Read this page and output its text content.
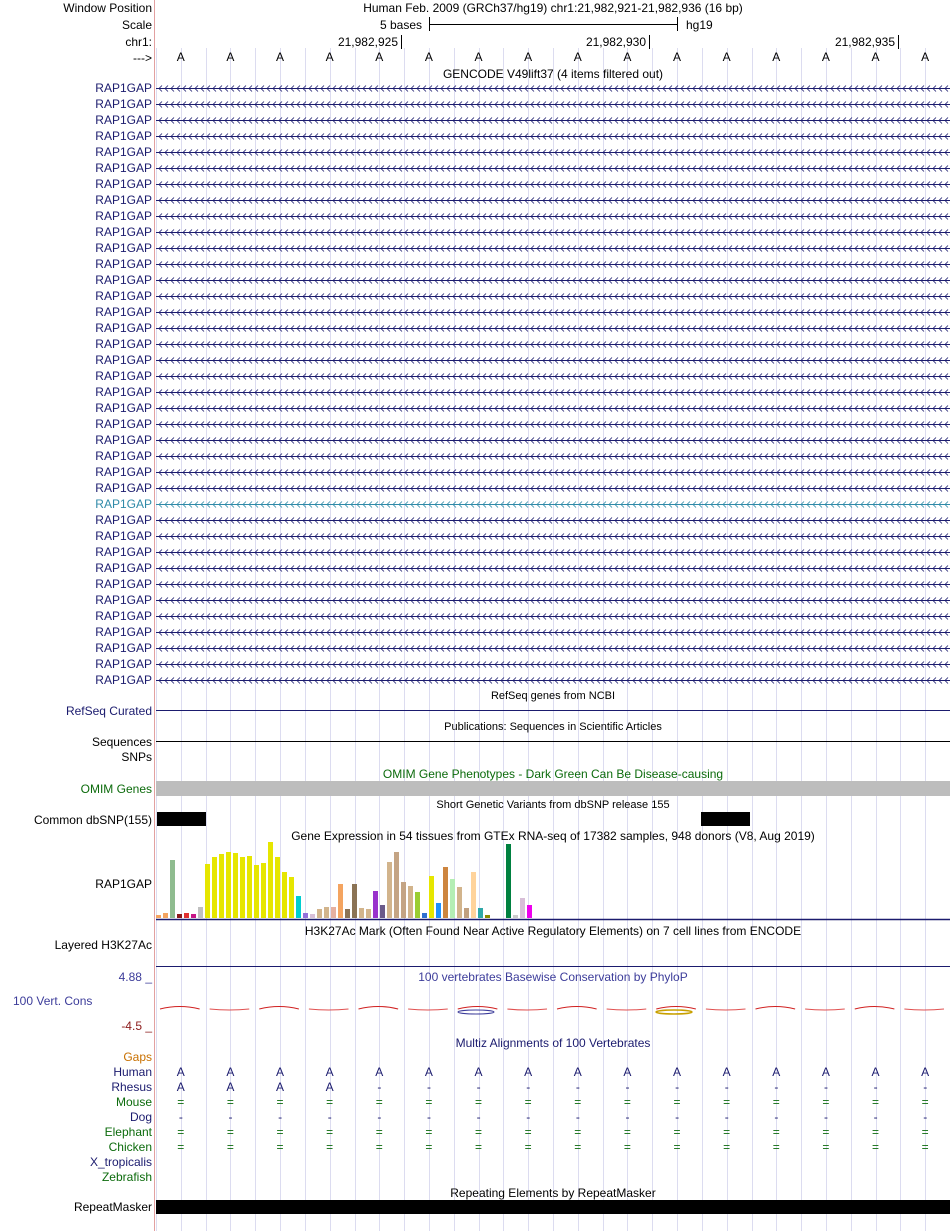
Window Position	Human Feb. 2009 (GRCh37/hg19) chr1:21,982,921-21,982,936 (16 bp)
Scale	5 bases	hg19
chr1:	21,982,925	21,982,930	21,982,935
--->	A	A	A	A	A	A	A	A	A	A	A	A	A	A	A	A
GENCODE V49lift37 (4 items filtered out)
RAP1GAP
RAP1GAP
RAP1GAP
RAP1GAP
RAP1GAP
RAP1GAP
RAP1GAP
RAP1GAP
RAP1GAP
RAP1GAP
RAP1GAP
RAP1GAP
RAP1GAP
RAP1GAP
RAP1GAP
RAP1GAP
RAP1GAP
RAP1GAP
RAP1GAP
RAP1GAP
RAP1GAP
RAP1GAP
RAP1GAP
RAP1GAP
RAP1GAP
RAP1GAP
RAP1GAP
RAP1GAP
RAP1GAP
RAP1GAP
RAP1GAP
RAP1GAP
RAP1GAP
RAP1GAP
RAP1GAP
RAP1GAP
RAP1GAP
RAP1GAP
RefSeq genes from NCBI
RefSeq Curated
Publications: Sequences in Scientific Articles
Sequences
SNPs
OMIM Gene Phenotypes - Dark Green Can Be Disease-causing
OMIM Genes
Short Genetic Variants from dbSNP release 155
Common dbSNP(155)
Gene Expression in 54 tissues from GTEx RNA-seq of 17382 samples, 948 donors (V8, Aug 2019)
RAP1GAP
H3K27Ac Mark (Often Found Near Active Regulatory Elements) on 7 cell lines from ENCODE
Layered H3K27Ac
100 vertebrates Basewise Conservation by PhyloP
4.88 _
100 Vert. Cons
-4.5 _
Multiz Alignments of 100 Vertebrates
Gaps
Human	A	A	A	A	A	A	A	A	A	A	A	A	A	A	A	A
Rhesus	A	A	A	A	-	-	-	-	-	-	-	-	-	-	-	-
Mouse	=	=	=	=	=	=	=	=	=	=	=	=	=	=	=	=
Dog	-	-	-	-	-	-	-	-	-	-	-	-	-	-	-	-
Elephant	=	=	=	=	=	=	=	=	=	=	=	=	=	=	=	=
Chicken	=	=	=	=	=	=	=	=	=	=	=	=	=	=	=	=
X_tropicalis
Zebrafish
Repeating Elements by RepeatMasker
RepeatMasker
